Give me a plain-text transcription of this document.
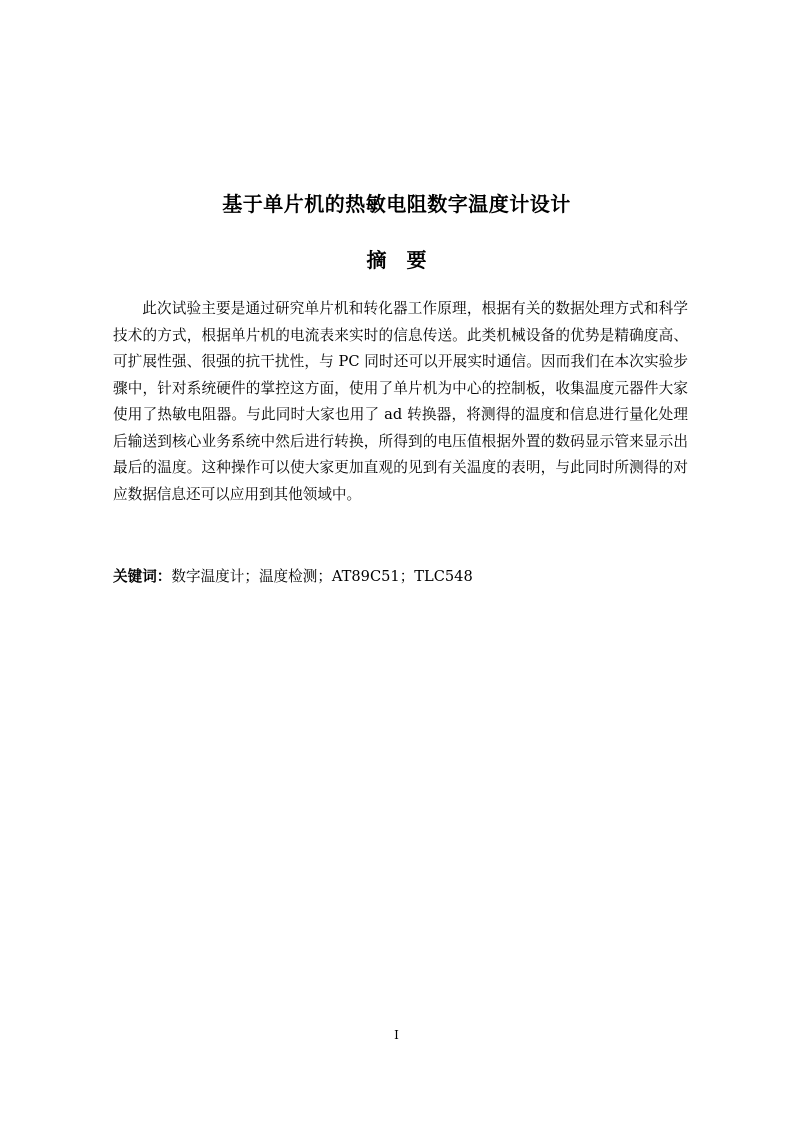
基于单片机的热敏电阻数字温度计设计
摘　要

此次试验主要是通过研究单片机和转化器工作原理，根据有关的数据处理方式和科学技术的方式，根据单片机的电流表来实时的信息传送。此类机械设备的优势是精确度高、可扩展性强、很强的抗干扰性，与 PC 同时还可以开展实时通信。因而我们在本次实验步骤中，针对系统硬件的掌控这方面，使用了单片机为中心的控制板，收集温度元器件大家使用了热敏电阻器。与此同时大家也用了 ad 转换器，将测得的温度和信息进行量化处理后输送到核心业务系统中然后进行转换，所得到的电压值根据外置的数码显示管来显示出最后的温度。这种操作可以使大家更加直观的见到有关温度的表明，与此同时所测得的对应数据信息还可以应用到其他领域中。

关键词：数字温度计；温度检测；AT89C51；TLC548
I
